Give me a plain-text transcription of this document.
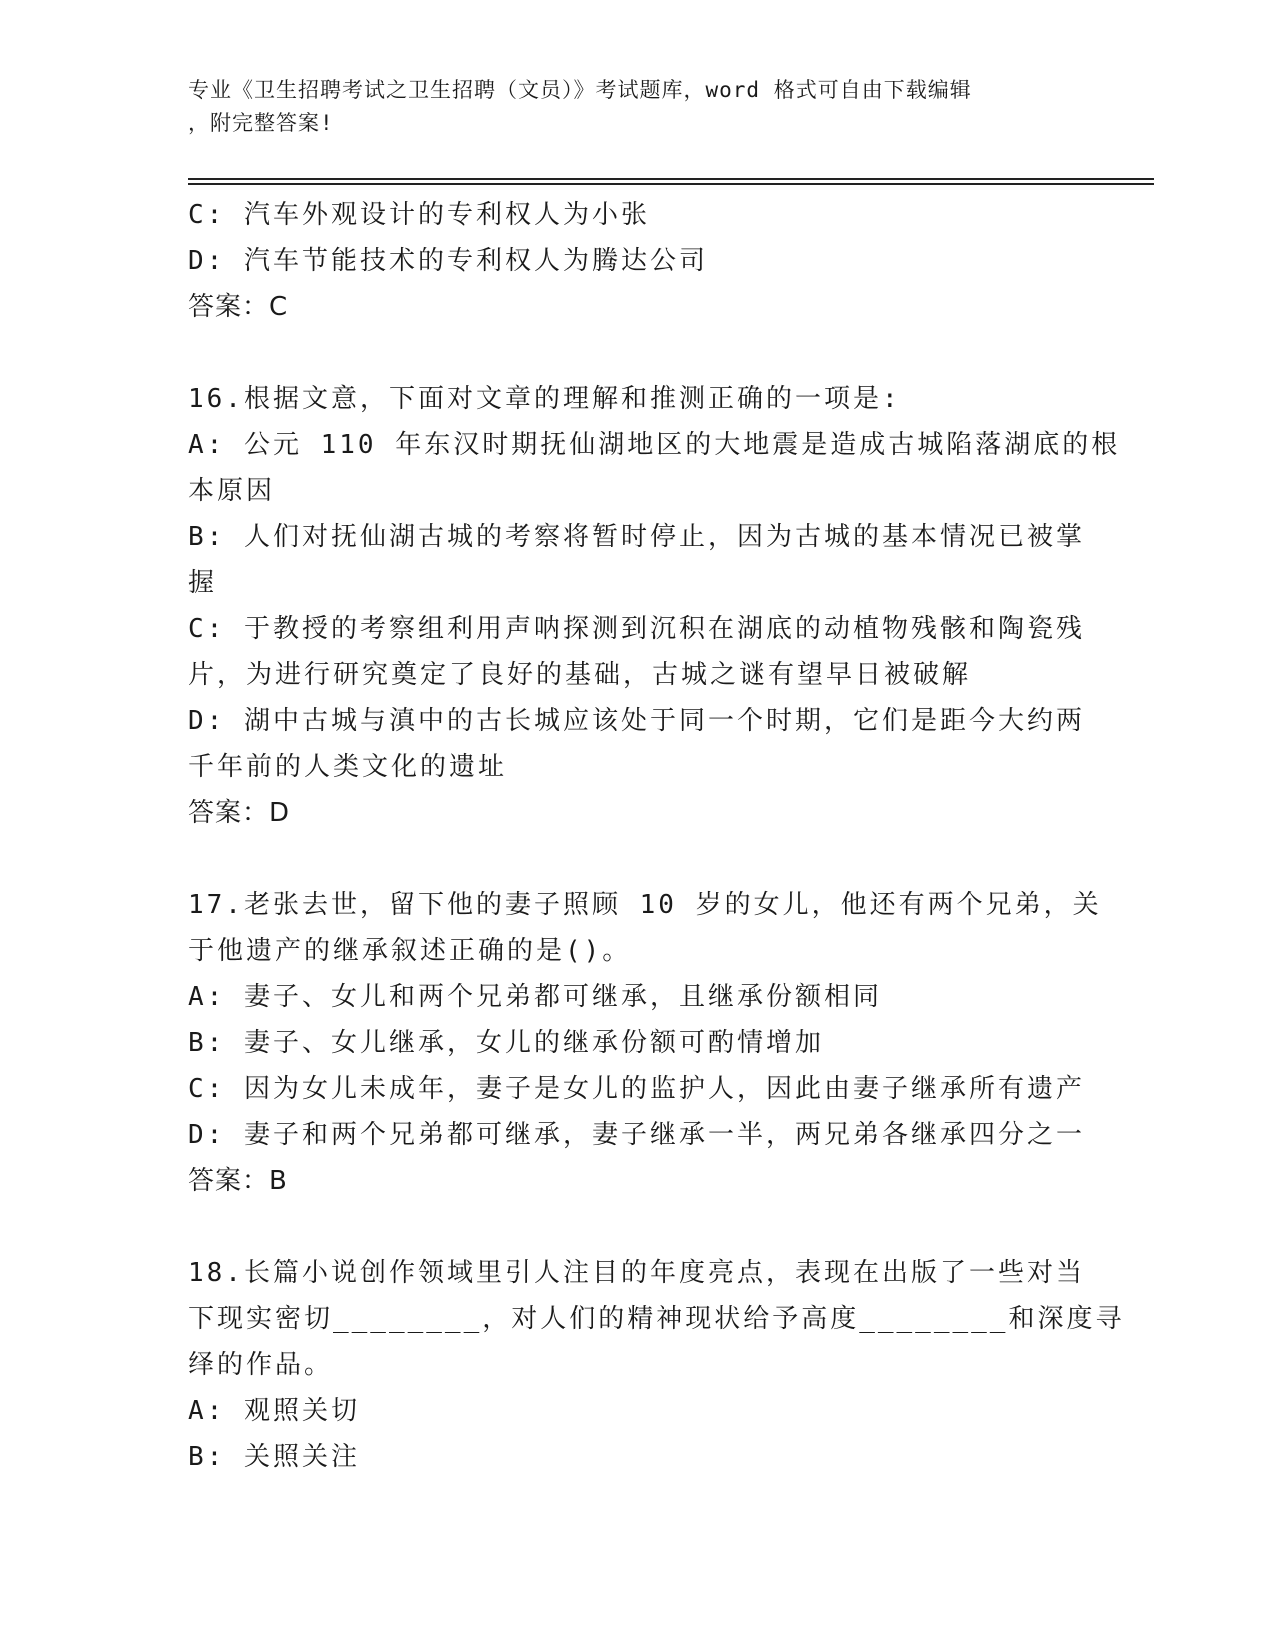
专业《卫生招聘考试之卫生招聘（文员）》考试题库，word 格式可自由下载编辑
，附完整答案!
C: 汽车外观设计的专利权人为小张
D: 汽车节能技术的专利权人为腾达公司
答案：C
16.根据文意，下面对文章的理解和推测正确的一项是:
A: 公元 110 年东汉时期抚仙湖地区的大地震是造成古城陷落湖底的根
本原因
B: 人们对抚仙湖古城的考察将暂时停止，因为古城的基本情况已被掌
握
C: 于教授的考察组利用声呐探测到沉积在湖底的动植物残骸和陶瓷残
片，为进行研究奠定了良好的基础，古城之谜有望早日被破解
D: 湖中古城与滇中的古长城应该处于同一个时期，它们是距今大约两
千年前的人类文化的遗址
答案：D
17.老张去世，留下他的妻子照顾 10 岁的女儿，他还有两个兄弟，关
于他遗产的继承叙述正确的是()。
A: 妻子、女儿和两个兄弟都可继承，且继承份额相同
B: 妻子、女儿继承，女儿的继承份额可酌情增加
C: 因为女儿未成年，妻子是女儿的监护人，因此由妻子继承所有遗产
D: 妻子和两个兄弟都可继承，妻子继承一半，两兄弟各继承四分之一
答案：B
18.长篇小说创作领域里引人注目的年度亮点，表现在出版了一些对当
下现实密切________，对人们的精神现状给予高度________和深度寻
绎的作品。
A: 观照关切
B: 关照关注
